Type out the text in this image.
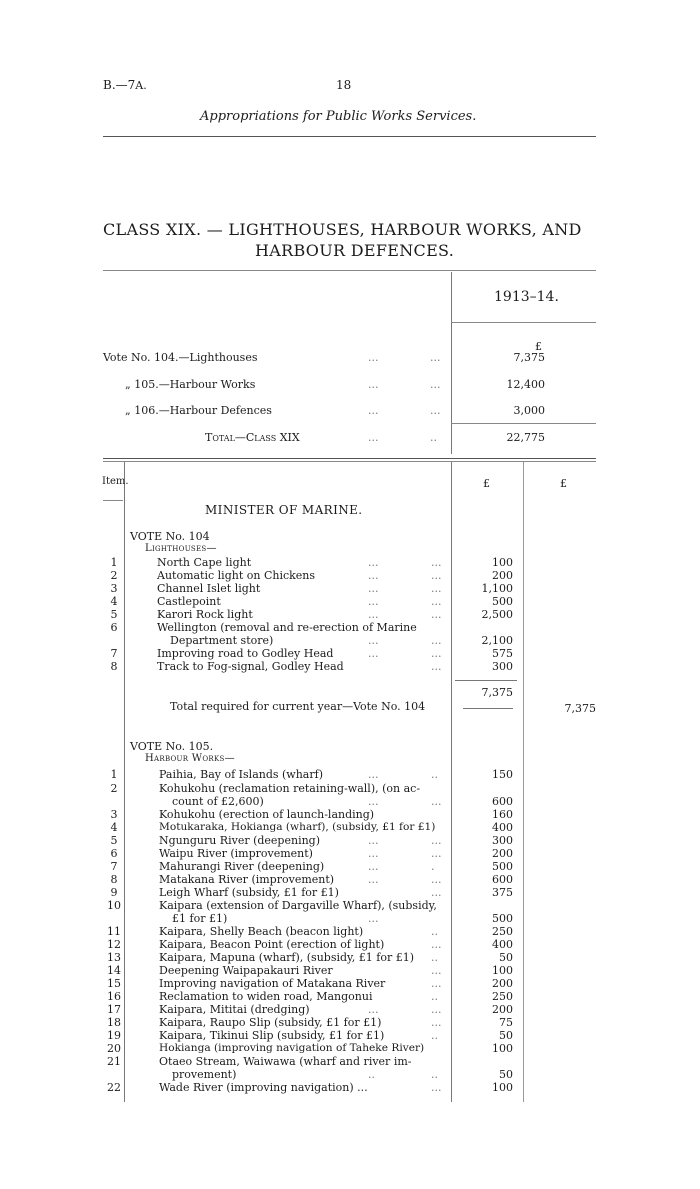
B.—7A.	18
Appropriations for Public Works Services.
CLASS XIX. — LIGHTHOUSES, HARBOUR WORKS, AND
HARBOUR DEFENCES.
1913–14.
£
Vote No. 104.—Lighthouses	...	...	7,375
„ 105.—Harbour Works	...	...	12,400
„ 106.—Harbour Defences	...	...	3,000
Total—Class XIX	...	..	22,775
Item.	£	£
MINISTER OF MARINE.
VOTE No. 104
Lighthouses—
1	North Cape light	...	...	100
2	Automatic light on Chickens	...	...	200
3	Channel Islet light	...	...	1,100
4	Castlepoint	...	...	500
5	Karori Rock light	...	...	2,500
6	Wellington (removal and re-erection of Marine
Department store)	...	...	2,100
7	Improving road to Godley Head	...	...	575
8	Track to Fog-signal, Godley Head	...	300
7,375
Total required for current year—Vote No. 104	7,375
VOTE No. 105.
Harbour Works—
1	Paihia, Bay of Islands (wharf)	...	..	150
2	Kohukohu (reclamation retaining-wall), (on ac-
count of £2,600)	...	...	600
3	Kohukohu (erection of launch-landing)	160
4	Motukaraka, Hokianga (wharf), (subsidy, £1 for £1)	400
5	Ngunguru River (deepening)	...	...	300
6	Waipu River (improvement)	...	...	200
7	Mahurangi River (deepening)	...	.	500
8	Matakana River (improvement)	...	...	600
9	Leigh Wharf (subsidy, £1 for £1)	...	375
10	Kaipara (extension of Dargaville Wharf), (subsidy,
£1 for £1)	...	500
11	Kaipara, Shelly Beach (beacon light)	..	250
12	Kaipara, Beacon Point (erection of light)	...	400
13	Kaipara, Mapuna (wharf), (subsidy, £1 for £1) ..	50
14	Deepening Waipapakauri River	...	100
15	Improving navigation of Matakana River	...	200
16	Reclamation to widen road, Mangonui	..	250
17	Kaipara, Mititai (dredging)	...	...	200
18	Kaipara, Raupo Slip (subsidy, £1 for £1)	...	75
19	Kaipara, Tikinui Slip (subsidy, £1 for £1)	..	50
20	Hokianga (improving navigation of Taheke River)	100
21	Otaeo Stream, Waiwawa (wharf and river im-
provement)	..	..	50
22	Wade River (improving navigation) ...	...	100
